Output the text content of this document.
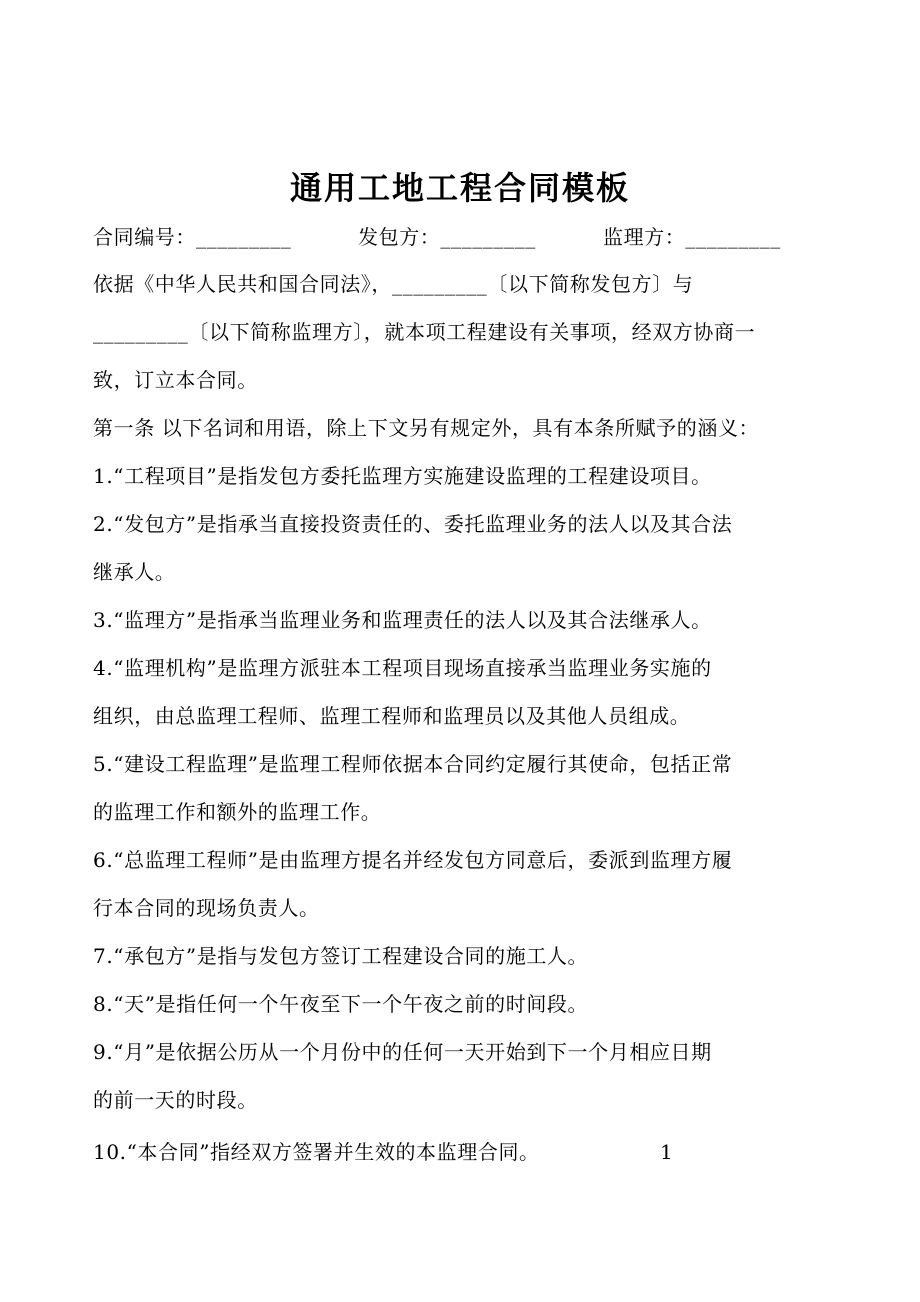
通用工地工程合同模板
合同编号：_________	发包方：_________	监理方：_________
依据《中华人民共和国合同法》，_________〔以下简称发包方〕与
_________〔以下简称监理方〕，就本项工程建设有关事项，经双方协商一
致，订立本合同。
第一条 以下名词和用语，除上下文另有规定外，具有本条所赋予的涵义：
1.“工程项目”是指发包方委托监理方实施建设监理的工程建设项目。
2.“发包方”是指承当直接投资责任的、委托监理业务的法人以及其合法
继承人。
3.“监理方”是指承当监理业务和监理责任的法人以及其合法继承人。
4.“监理机构”是监理方派驻本工程项目现场直接承当监理业务实施的
组织，由总监理工程师、监理工程师和监理员以及其他人员组成。
5.“建设工程监理”是监理工程师依据本合同约定履行其使命，包括正常
的监理工作和额外的监理工作。
6.“总监理工程师”是由监理方提名并经发包方同意后，委派到监理方履
行本合同的现场负责人。
7.“承包方”是指与发包方签订工程建设合同的施工人。
8.“天”是指任何一个午夜至下一个午夜之前的时间段。
9.“月”是依据公历从一个月份中的任何一天开始到下一个月相应日期
的前一天的时段。
10.“本合同”指经双方签署并生效的本监理合同。	1
